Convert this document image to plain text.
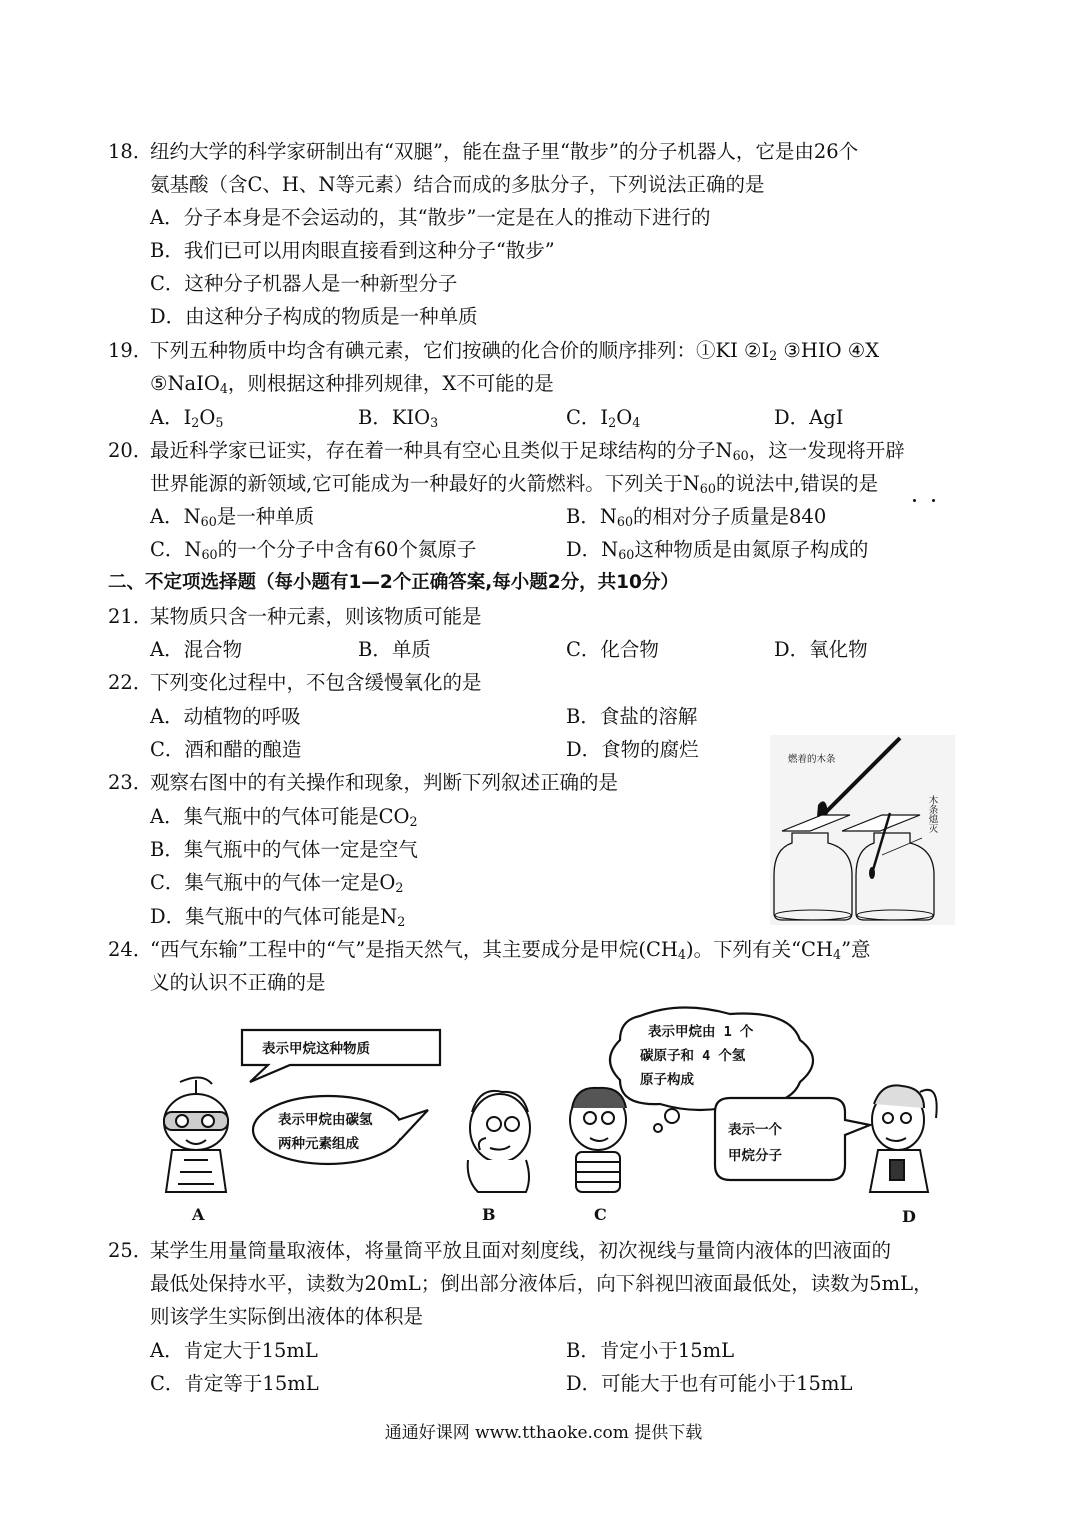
18．
纽约大学的科学家研制出有“双腿”，能在盘子里“散步”的分子机器人，它是由26个
氨基酸（含C、H、N等元素）结合而成的多肽分子，下列说法正确的是
A．分子本身是不会运动的，其“散步”一定是在人的推动下进行的
B．我们已可以用肉眼直接看到这种分子“散步”
C．这种分子机器人是一种新型分子
D．由这种分子构成的物质是一种单质
19．
下列五种物质中均含有碘元素，它们按碘的化合价的顺序排列：①KI $②I_2$ ③HIO ④X
⑤NaIO$_4$，则根据这种排列规律，X不可能的是
A．$I_2O_5$	B．$KIO_3$	C．$I_2O_4$	D．AgI
20．
最近科学家已证实，存在着一种具有空心且类似于足球结构的分子$N_{60}$，这一发现将开辟
世界能源的新领域,它可能成为一种最好的火箭燃料。下列关于$N_{60}$的说法中,错误的是
A．$N_{60}$是一种单质	B．$N_{60}$的相对分子质量是840
C．$N_{60}$的一个分子中含有60个氮原子	D．$N_{60}$这种物质是由氮原子构成的
二、不定项选择题（每小题有1—2个正确答案,每小题2分，共10分）
21．
某物质只含一种元素，则该物质可能是
A．混合物	B．单质	C．化合物	D．氧化物
22．
下列变化过程中，不包含缓慢氧化的是
A．动植物的呼吸	B．食盐的溶解
C．酒和醋的酿造	D．食物的腐烂
23．
观察右图中的有关操作和现象，判断下列叙述正确的是
A．集气瓶中的气体可能是$CO_2$
B．集气瓶中的气体一定是空气
C．集气瓶中的气体一定是$O_2$
D．集气瓶中的气体可能是$N_2$
燃着的木条
木条熄灭
24．
“西气东输”工程中的“气”是指天然气，其主要成分是甲烷$(CH_4)$。下列有关“$CH_4$”意
义的认识不正确的是
表示甲烷这种物质
表示甲烷由碳氢
两种元素组成
表示甲烷由 1 个
碳原子和 4 个氢
原子构成
表示一个
甲烷分子
A	B	C	D
25．
某学生用量筒量取液体，将量筒平放且面对刻度线，初次视线与量筒内液体的凹液面的
最低处保持水平，读数为20mL；倒出部分液体后，向下斜视凹液面最低处，读数为5mL，
则该学生实际倒出液体的体积是
A．肯定大于15mL	B．肯定小于15mL
C．肯定等于15mL	D．可能大于也有可能小于15mL
通通好课网 www.tthaoke.com 提供下载
